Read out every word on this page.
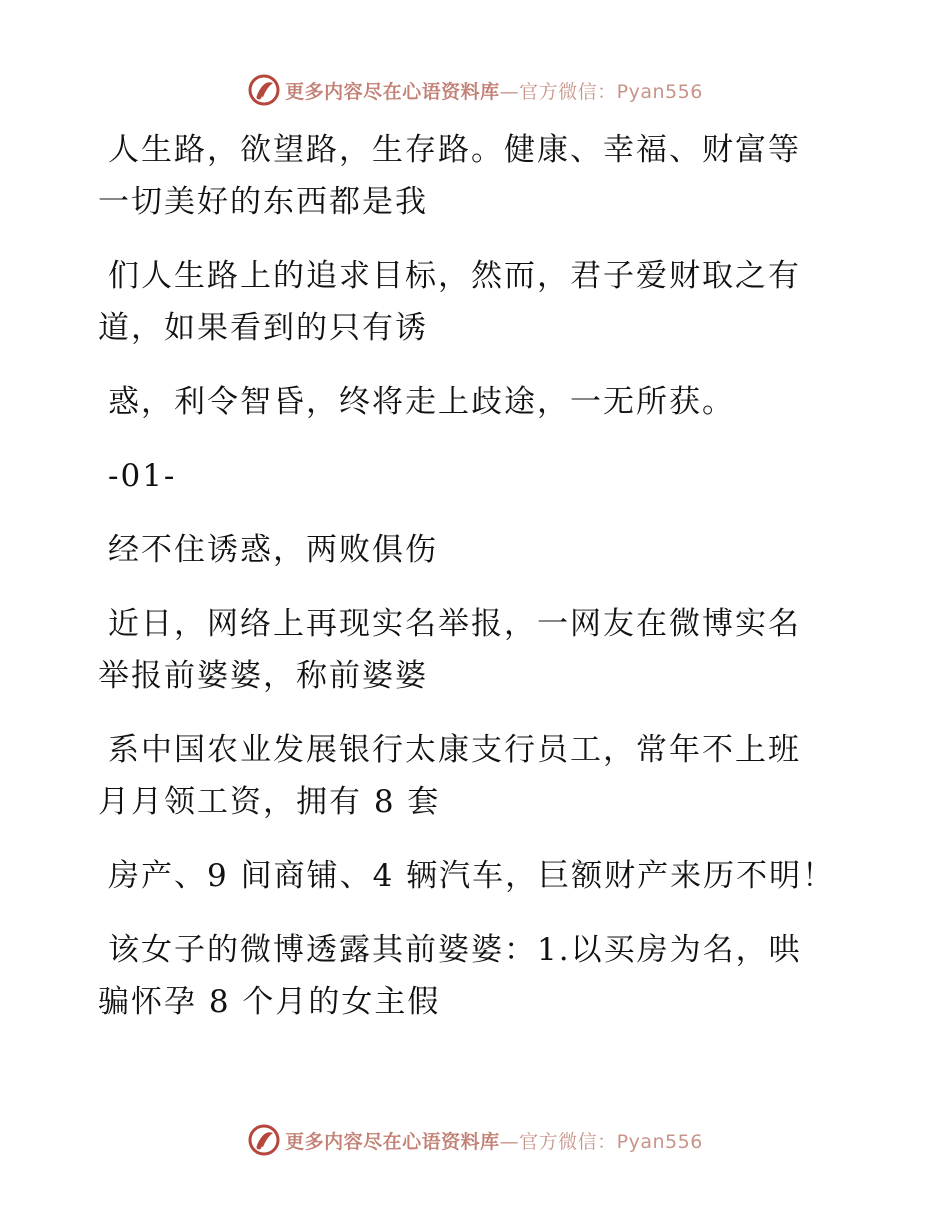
更多内容尽在心语资料库—官方微信：Pyan556

人生路，欲望路，生存路。健康、幸福、财富等
一切美好的东西都是我

们人生路上的追求目标，然而，君子爱财取之有
道，如果看到的只有诱

惑，利令智昏，终将走上歧途，一无所获。

-01-

经不住诱惑，两败俱伤

近日，网络上再现实名举报，一网友在微博实名
举报前婆婆，称前婆婆

系中国农业发展银行太康支行员工，常年不上班
月月领工资，拥有 8 套

房产、9 间商铺、4 辆汽车，巨额财产来历不明！

该女子的微博透露其前婆婆：1.以买房为名，哄
骗怀孕 8 个月的女主假

更多内容尽在心语资料库—官方微信：Pyan556
